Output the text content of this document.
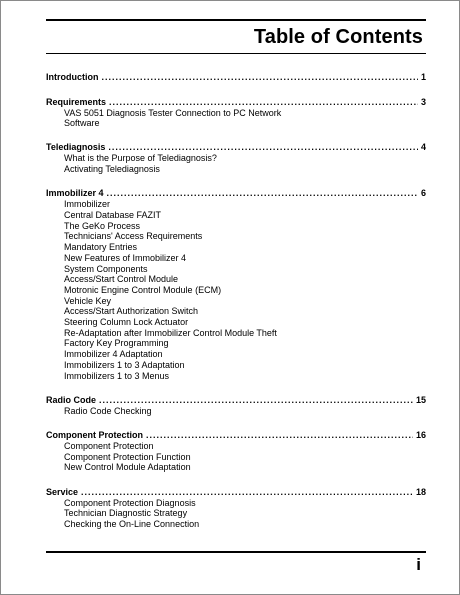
Table of Contents
Introduction .....	1
Requirements .....	3
VAS 5051 Diagnosis Tester Connection to PC Network
Software
Telediagnosis .....	4
What is the Purpose of Telediagnosis?
Activating Telediagnosis
Immobilizer 4 .....	6
Immobilizer
Central Database FAZIT
The GeKo Process
Technicians' Access Requirements
Mandatory Entries
New Features of Immobilizer 4
System Components
Access/Start Control Module
Motronic Engine Control Module (ECM)
Vehicle Key
Access/Start Authorization Switch
Steering Column Lock Actuator
Re-Adaptation after Immobilizer Control Module Theft
Factory Key Programming
Immobilizer 4 Adaptation
Immobilizers 1 to 3 Adaptation
Immobilizers 1 to 3 Menus
Radio Code .....	15
Radio Code Checking
Component Protection .....	16
Component Protection
Component Protection Function
New Control Module Adaptation
Service .....	18
Component Protection Diagnosis
Technician Diagnostic Strategy
Checking the On-Line Connection
i
